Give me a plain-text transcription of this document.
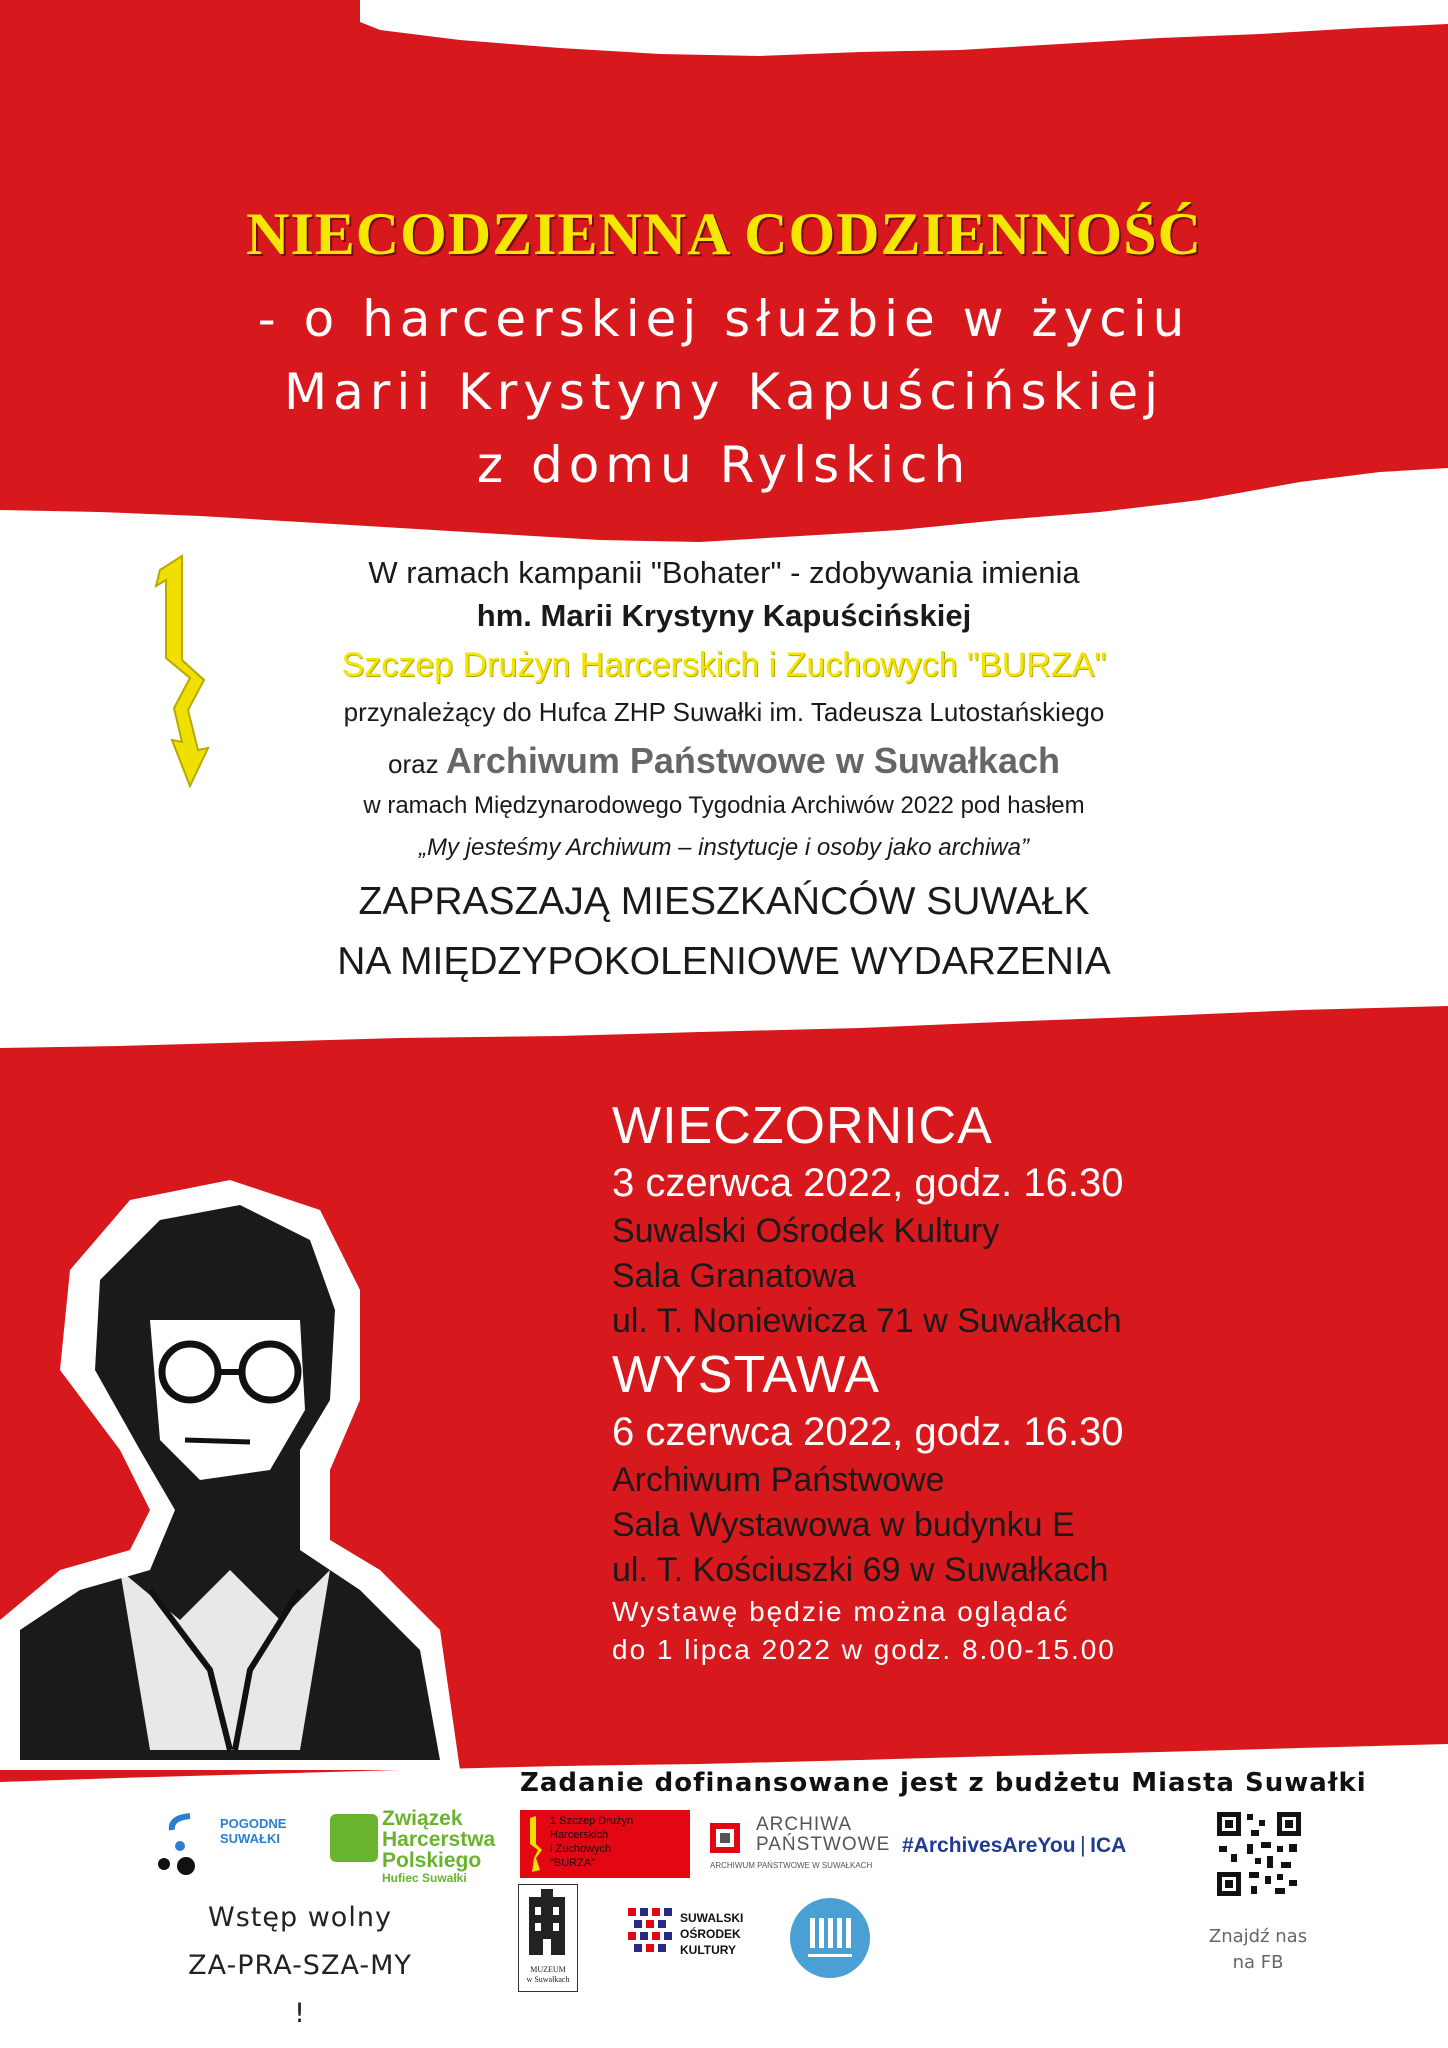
NIECODZIENNA CODZIENNOŚĆ
- o harcerskiej służbie w życiu
Marii Krystyny Kapuścińskiej
z domu Rylskich
W ramach kampanii "Bohater" - zdobywania imienia
hm. Marii Krystyny Kapuścińskiej
Szczep Drużyn Harcerskich i Zuchowych "BURZA"
przynależący do Hufca ZHP Suwałki im. Tadeusza Lutostańskiego
oraz Archiwum Państwowe w Suwałkach
w ramach Międzynarodowego Tygodnia Archiwów 2022 pod hasłem
„My jesteśmy Archiwum – instytucje i osoby jako archiwa”
ZAPRASZAJĄ MIESZKAŃCÓW SUWAŁK
NA MIĘDZYPOKOLENIOWE WYDARZENIA
WIECZORNICA
3 czerwca 2022, godz. 16.30
Suwalski Ośrodek Kultury
Sala Granatowa
ul. T. Noniewicza 71 w Suwałkach
WYSTAWA
6 czerwca 2022, godz. 16.30
Archiwum Państwowe
Sala Wystawowa w budynku E
ul. T. Kościuszki 69 w Suwałkach
Wystawę będzie można oglądać
do 1 lipca 2022 w godz. 8.00-15.00
Zadanie dofinansowane jest z budżetu Miasta Suwałki
POGODNE SUWAŁKI
Związek
Harcerstwa
Polskiego
Hufiec Suwałki
1 Szczep Drużyn
Harcerskich
i Zuchowych
"BURZA"
ARCHIWA
PAŃSTWOWE
ARCHIWUM PAŃSTWOWE W SUWAŁKACH
#ArchivesAreYou | ICA
Wstęp wolny
ZA-PRA-SZA-MY !
MUZEUM
w Suwałkach
SUWALSKI
OŚRODEK
KULTURY
Znajdź nas
na FB
